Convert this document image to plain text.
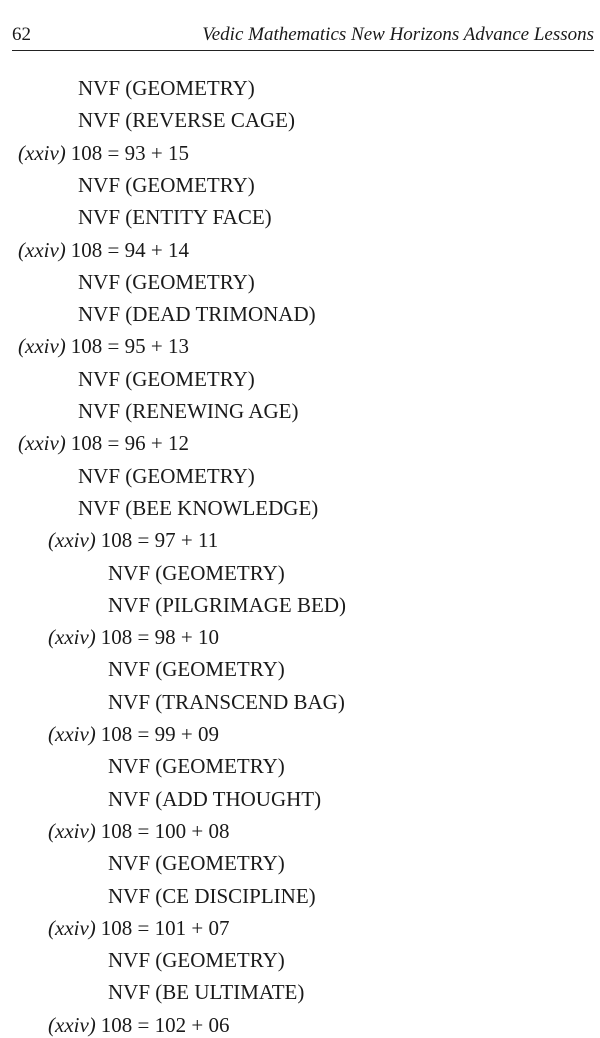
62	Vedic Mathematics New Horizons Advance Lessons
NVF (GEOMETRY)
NVF (REVERSE CAGE)
(xxiv) 108 = 93 + 15
NVF (GEOMETRY)
NVF (ENTITY FACE)
(xxiv) 108 = 94 + 14
NVF (GEOMETRY)
NVF (DEAD TRIMONAD)
(xxiv) 108 = 95 + 13
NVF (GEOMETRY)
NVF (RENEWING AGE)
(xxiv) 108 = 96 + 12
NVF (GEOMETRY)
NVF (BEE KNOWLEDGE)
(xxiv) 108 = 97 + 11
NVF (GEOMETRY)
NVF (PILGRIMAGE BED)
(xxiv) 108 = 98 + 10
NVF (GEOMETRY)
NVF (TRANSCEND BAG)
(xxiv) 108 = 99 + 09
NVF (GEOMETRY)
NVF (ADD THOUGHT)
(xxiv) 108 = 100 + 08
NVF (GEOMETRY)
NVF (CE DISCIPLINE)
(xxiv) 108 = 101 + 07
NVF (GEOMETRY)
NVF (BE ULTIMATE)
(xxiv) 108 = 102 + 06
